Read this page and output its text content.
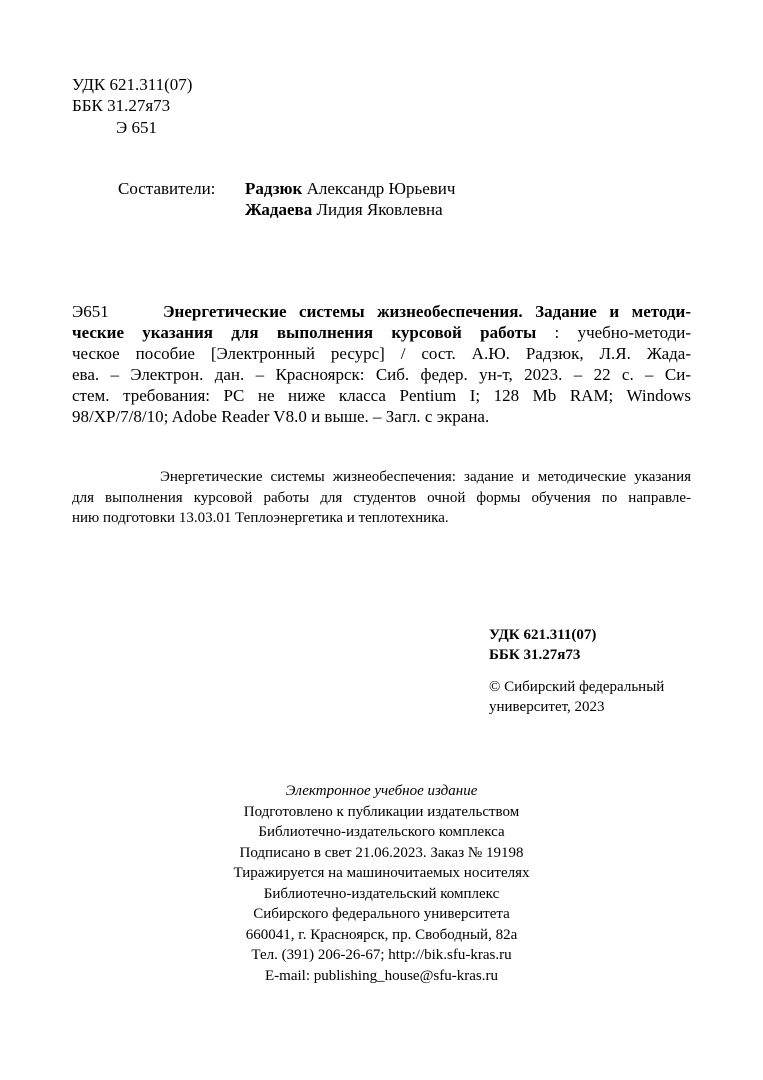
УДК 621.311(07)
ББК 31.27я73
Э 651
Составители: Радзюк Александр Юрьевич
Жадаева Лидия Яковлевна
Э651	Энергетические системы жизнеобеспечения. Задание и методи-
ческие указания для выполнения курсовой работы : учебно-методи-
ческое пособие [Электронный ресурс] / сост. А.Ю. Радзюк, Л.Я. Жада-
ева. – Электрон. дан. – Красноярск: Сиб. федер. ун-т, 2023. – 22 с. – Си-
стем. требования: PC не ниже класса Pentium I; 128 Mb RAM; Windows
98/XP/7/8/10; Adobe Reader V8.0 и выше. – Загл. с экрана.
Энергетические системы жизнеобеспечения: задание и методические указания
для выполнения курсовой работы для студентов очной формы обучения по направле-
нию подготовки 13.03.01 Теплоэнергетика и теплотехника.
УДК 621.311(07)
ББК 31.27я73
© Сибирский федеральный
университет, 2023
Электронное учебное издание
Подготовлено к публикации издательством
Библиотечно-издательского комплекса
Подписано в свет 21.06.2023. Заказ № 19198
Тиражируется на машиночитаемых носителях
Библиотечно-издательский комплекс
Сибирского федерального университета
660041, г. Красноярск, пр. Свободный, 82а
Тел. (391) 206-26-67; http://bik.sfu-kras.ru
E-mail: publishing_house@sfu-kras.ru
